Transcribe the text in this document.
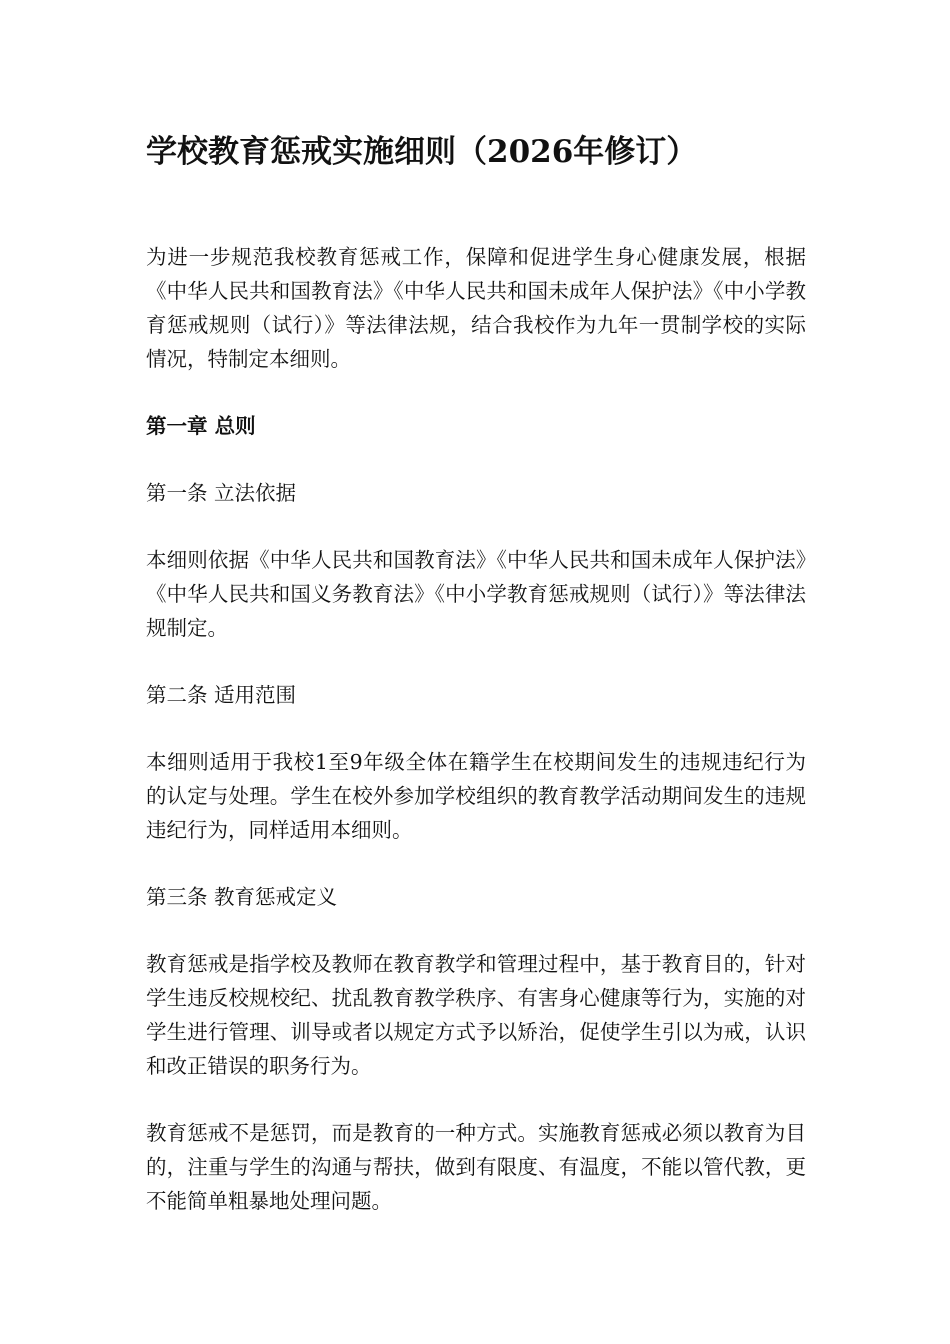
学校教育惩戒实施细则（2026年修订）

为进一步规范我校教育惩戒工作，保障和促进学生身心健康发展，根据《中华人民共和国教育法》《中华人民共和国未成年人保护法》《中小学教育惩戒规则（试行）》等法律法规，结合我校作为九年一贯制学校的实际情况，特制定本细则。

第一章 总则
第一条 立法依据

本细则依据《中华人民共和国教育法》《中华人民共和国未成年人保护法》《中华人民共和国义务教育法》《中小学教育惩戒规则（试行）》等法律法规制定。

第二条 适用范围

本细则适用于我校1至9年级全体在籍学生在校期间发生的违规违纪行为的认定与处理。学生在校外参加学校组织的教育教学活动期间发生的违规违纪行为，同样适用本细则。

第三条 教育惩戒定义

教育惩戒是指学校及教师在教育教学和管理过程中，基于教育目的，针对学生违反校规校纪、扰乱教育教学秩序、有害身心健康等行为，实施的对学生进行管理、训导或者以规定方式予以矫治，促使学生引以为戒，认识和改正错误的职务行为。

教育惩戒不是惩罚，而是教育的一种方式。实施教育惩戒必须以教育为目的，注重与学生的沟通与帮扶，做到有限度、有温度，不能以管代教，更不能简单粗暴地处理问题。
